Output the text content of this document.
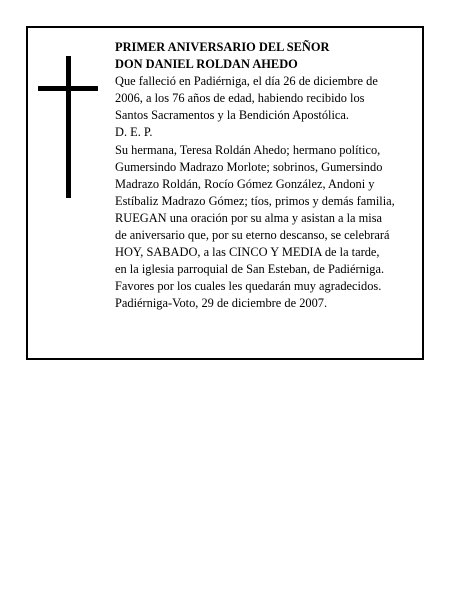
PRIMER ANIVERSARIO DEL SEÑOR
DON DANIEL ROLDAN AHEDO
Que falleció en Padiérniga, el día 26 de diciembre de
2006, a los 76 años de edad, habiendo recibido los
Santos Sacramentos y la Bendición Apostólica.
D. E. P.
Su hermana, Teresa Roldán Ahedo; hermano político,
Gumersindo Madrazo Morlote; sobrinos, Gumersindo
Madrazo Roldán, Rocío Gómez González, Andoni y
Estíbaliz Madrazo Gómez; tíos, primos y demás familia,
RUEGAN una oración por su alma y asistan a la misa
de aniversario que, por su eterno descanso, se celebrará
HOY, SABADO, a las CINCO Y MEDIA de la tarde,
en la iglesia parroquial de San Esteban, de Padiérniga.
Favores por los cuales les quedarán muy agradecidos.
Padiérniga-Voto, 29 de diciembre de 2007.
